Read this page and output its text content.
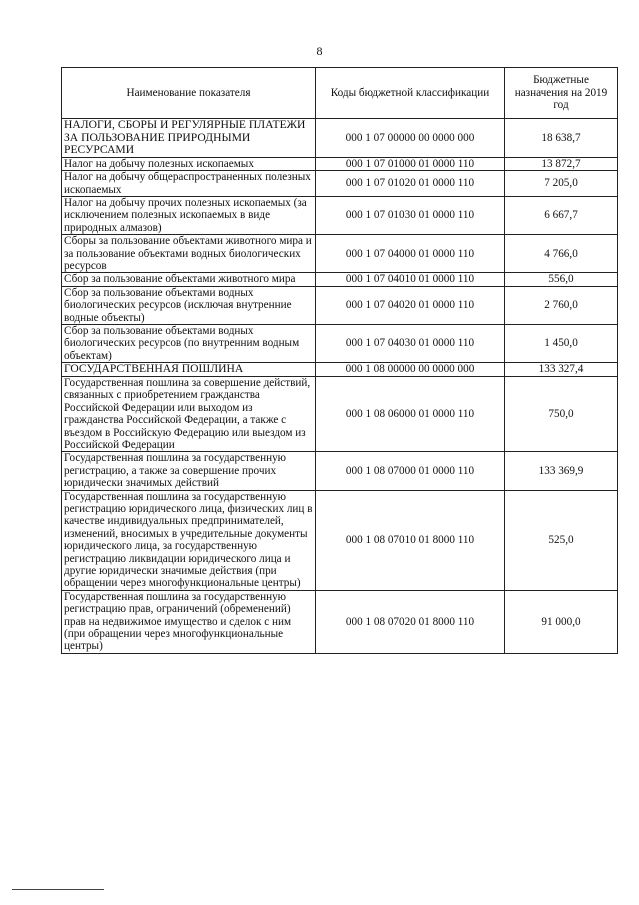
8
Наименование показателя	Коды бюджетной классификации	Бюджетные назначения на 2019 год
НАЛОГИ, СБОРЫ И РЕГУЛЯРНЫЕ ПЛАТЕЖИ ЗА ПОЛЬЗОВАНИЕ ПРИРОДНЫМИ РЕСУРСАМИ	000 1 07 00000 00 0000 000	18 638,7
Налог на добычу полезных ископаемых	000 1 07 01000 01 0000 110	13 872,7
Налог на добычу общераспространенных полезных ископаемых	000 1 07 01020 01 0000 110	7 205,0
Налог на добычу прочих полезных ископаемых (за исключением полезных ископаемых в виде природных алмазов)	000 1 07 01030 01 0000 110	6 667,7
Сборы за пользование объектами животного мира и за пользование объектами водных биологических ресурсов	000 1 07 04000 01 0000 110	4 766,0
Сбор за пользование объектами животного мира	000 1 07 04010 01 0000 110	556,0
Сбор за пользование объектами водных биологических ресурсов (исключая внутренние водные объекты)	000 1 07 04020 01 0000 110	2 760,0
Сбор за пользование объектами водных биологических ресурсов (по внутренним водным объектам)	000 1 07 04030 01 0000 110	1 450,0
ГОСУДАРСТВЕННАЯ ПОШЛИНА	000 1 08 00000 00 0000 000	133 327,4
Государственная пошлина за совершение действий, связанных с приобретением гражданства Российской Федерации или выходом из гражданства Российской Федерации, а также с въездом в Российскую Федерацию или выездом из Российской Федерации	000 1 08 06000 01 0000 110	750,0
Государственная пошлина за государственную регистрацию, а также за совершение прочих юридически значимых действий	000 1 08 07000 01 0000 110	133 369,9
Государственная пошлина за государственную регистрацию юридического лица, физических лиц в качестве индивидуальных предпринимателей, изменений, вносимых в учредительные документы юридического лица, за государственную регистрацию ликвидации юридического лица и другие юридически значимые действия (при обращении через многофункциональные центры)	000 1 08 07010 01 8000 110	525,0
Государственная пошлина за государственную регистрацию прав, ограничений (обременений) прав на недвижимое имущество и сделок с ним (при обращении через многофункциональные центры)	000 1 08 07020 01 8000 110	91 000,0
